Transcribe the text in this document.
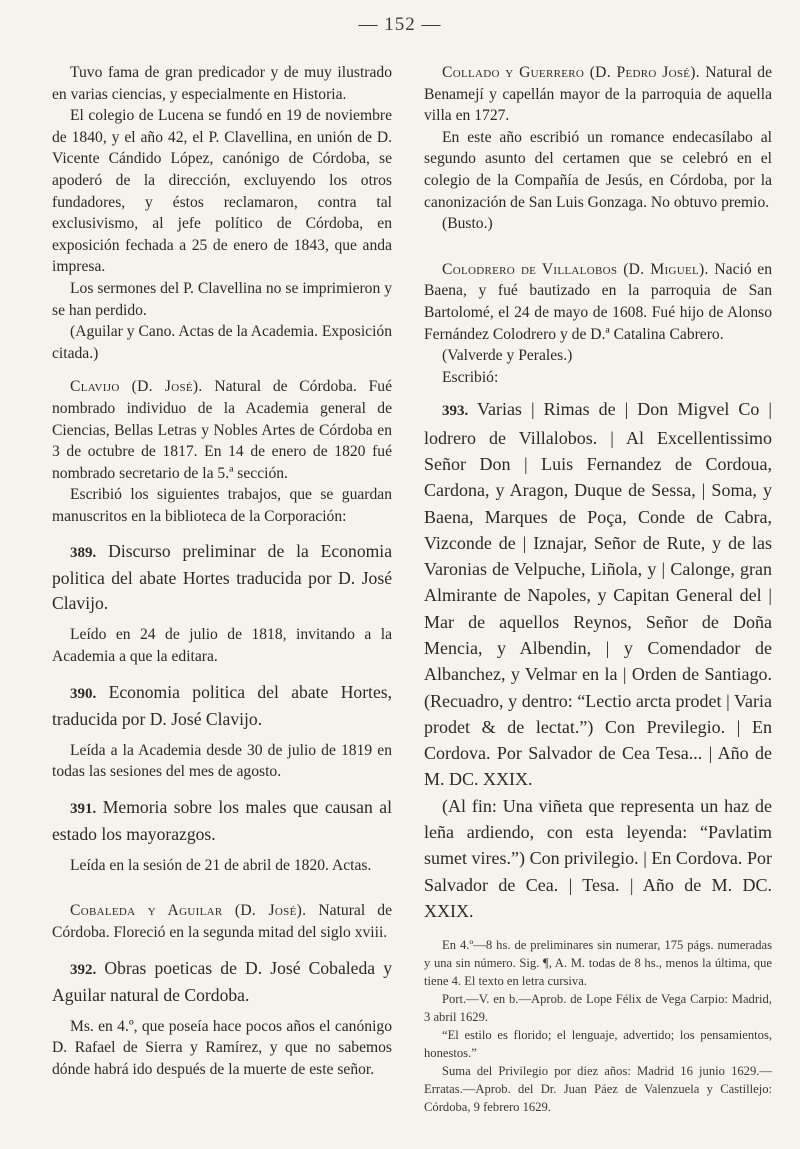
— 152 —

Tuvo fama de gran predicador y de muy ilustrado en varias ciencias, y especialmente en Historia.

El colegio de Lucena se fundó en 19 de noviembre de 1840, y el año 42, el P. Clavellina, en unión de D. Vicente Cándido López, canónigo de Córdoba, se apoderó de la dirección, excluyendo los otros fundadores, y éstos reclamaron, contra tal exclusivismo, al jefe político de Córdoba, en exposición fechada a 25 de enero de 1843, que anda impresa.

Los sermones del P. Clavellina no se imprimieron y se han perdido.

(Aguilar y Cano. Actas de la Academia. Exposición citada.)

Clavijo (D. José). Natural de Córdoba. Fué nombrado individuo de la Academia general de Ciencias, Bellas Letras y Nobles Artes de Córdoba en 3 de octubre de 1817. En 14 de enero de 1820 fué nombrado secretario de la 5.ª sección.

Escribió los siguientes trabajos, que se guardan manuscritos en la biblioteca de la Corporación:

389. Discurso preliminar de la Economia politica del abate Hortes traducida por D. José Clavijo.

Leído en 24 de julio de 1818, invitando a la Academia a que la editara.

390. Economia politica del abate Hortes, traducida por D. José Clavijo.

Leída a la Academia desde 30 de julio de 1819 en todas las sesiones del mes de agosto.

391. Memoria sobre los males que causan al estado los mayorazgos.

Leída en la sesión de 21 de abril de 1820. Actas.

Cobaleda y Aguilar (D. José). Natural de Córdoba. Floreció en la segunda mitad del siglo xviii.

392. Obras poeticas de D. José Cobaleda y Aguilar natural de Cordoba.

Ms. en 4.º, que poseía hace pocos años el canónigo D. Rafael de Sierra y Ramírez, y que no sabemos dónde habrá ido después de la muerte de este señor.

Collado y Guerrero (D. Pedro José). Natural de Benamejí y capellán mayor de la parroquia de aquella villa en 1727.

En este año escribió un romance endecasílabo al segundo asunto del certamen que se celebró en el colegio de la Compañía de Jesús, en Córdoba, por la canonización de San Luis Gonzaga. No obtuvo premio.

(Busto.)

Colodrero de Villalobos (D. Miguel). Nació en Baena, y fué bautizado en la parroquia de San Bartolomé, el 24 de mayo de 1608. Fué hijo de Alonso Fernández Colodrero y de D.ª Catalina Cabrero.

(Valverde y Perales.)

Escribió:

393. Varias | Rimas de | Don Migvel Co | lodrero de Villalobos. | Al Excellentissimo Señor Don | Luis Fernandez de Cordoua, Cardona, y Aragon, Duque de Sessa, | Soma, y Baena, Marques de Poça, Conde de Cabra, Vizconde de | Iznajar, Señor de Rute, y de las Varonias de Velpuche, Liñola, y | Calonge, gran Almirante de Napoles, y Capitan General del | Mar de aquellos Reynos, Señor de Doña Mencia, y Albendin, | y Comendador de Albanchez, y Velmar en la | Orden de Santiago. (Recuadro, y dentro: “Lectio arcta prodet | Varia prodet & de lectat.”) Con Previlegio. | En Cordova. Por Salvador de Cea Tesa... | Año de M. DC. XXIX.

(Al fin: Una viñeta que representa un haz de leña ardiendo, con esta leyenda: “Pavlatim sumet vires.”) Con privilegio. | En Cordova. Por Salvador de Cea. | Tesa. | Año de M. DC. XXIX.

En 4.º—8 hs. de preliminares sin numerar, 175 págs. numeradas y una sin número. Sig. ¶, A. M. todas de 8 hs., menos la última, que tiene 4. El texto en letra cursiva.

Port.—V. en b.—Aprob. de Lope Félix de Vega Carpio: Madrid, 3 abril 1629.

“El estilo es florido; el lenguaje, advertido; los pensamientos, honestos.”

Suma del Privilegio por diez años: Madrid 16 junio 1629.—Erratas.—Aprob. del Dr. Juan Páez de Valenzuela y Castillejo: Córdoba, 9 febrero 1629.
